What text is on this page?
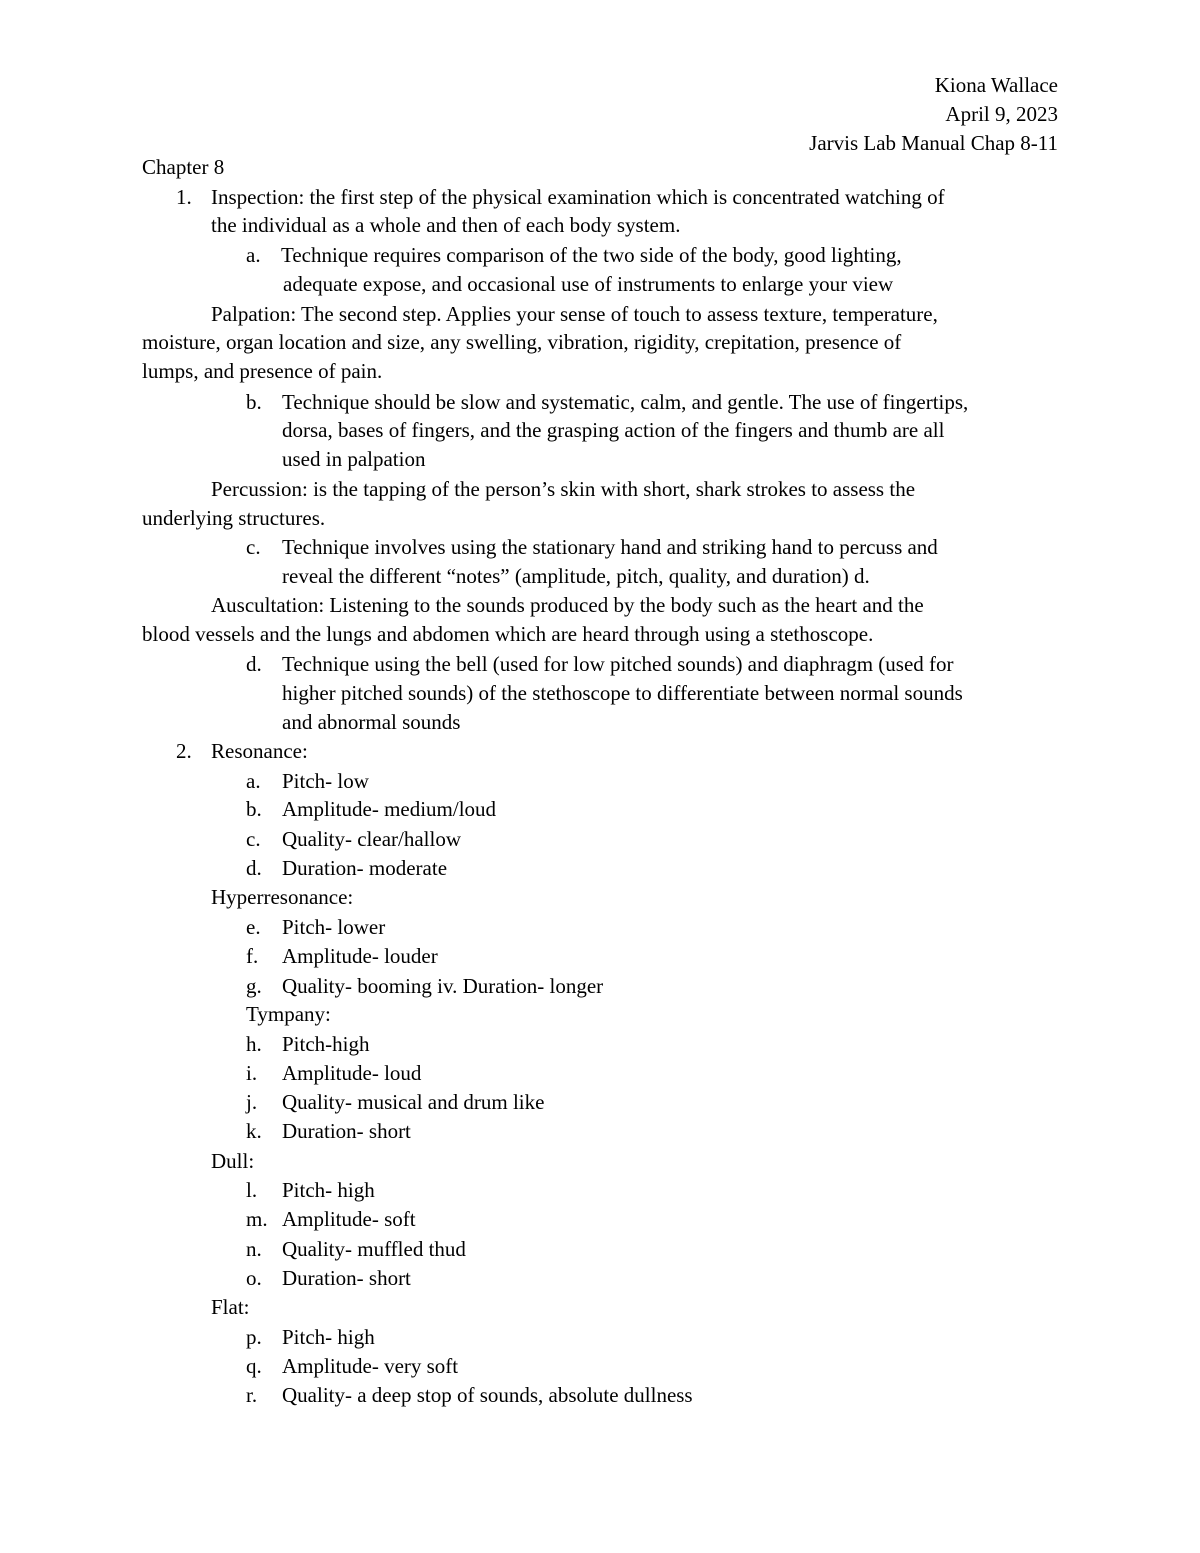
Kiona Wallace
April 9, 2023
Jarvis Lab Manual Chap 8-11
Chapter 8
1. Inspection: the first step of the physical examination which is concentrated watching of
the individual as a whole and then of each body system.
a. Technique requires comparison of the two side of the body, good lighting,
adequate expose, and occasional use of instruments to enlarge your view
Palpation: The second step. Applies your sense of touch to assess texture, temperature,
moisture, organ location and size, any swelling, vibration, rigidity, crepitation, presence of
lumps, and presence of pain.
b. Technique should be slow and systematic, calm, and gentle. The use of fingertips,
dorsa, bases of fingers, and the grasping action of the fingers and thumb are all
used in palpation
Percussion: is the tapping of the person’s skin with short, shark strokes to assess the
underlying structures.
c. Technique involves using the stationary hand and striking hand to percuss and
reveal the different “notes” (amplitude, pitch, quality, and duration) d.
Auscultation: Listening to the sounds produced by the body such as the heart and the
blood vessels and the lungs and abdomen which are heard through using a stethoscope.
d. Technique using the bell (used for low pitched sounds) and diaphragm (used for
higher pitched sounds) of the stethoscope to differentiate between normal sounds
and abnormal sounds
2. Resonance:
a. Pitch- low
b. Amplitude- medium/loud
c. Quality- clear/hallow
d. Duration- moderate
Hyperresonance:
e. Pitch- lower
f. Amplitude- louder
g. Quality- booming iv. Duration- longer
Tympany:
h. Pitch-high
i. Amplitude- loud
j. Quality- musical and drum like
k. Duration- short
Dull:
l. Pitch- high
m. Amplitude- soft
n. Quality- muffled thud
o. Duration- short
Flat:
p. Pitch- high
q. Amplitude- very soft
r. Quality- a deep stop of sounds, absolute dullness
